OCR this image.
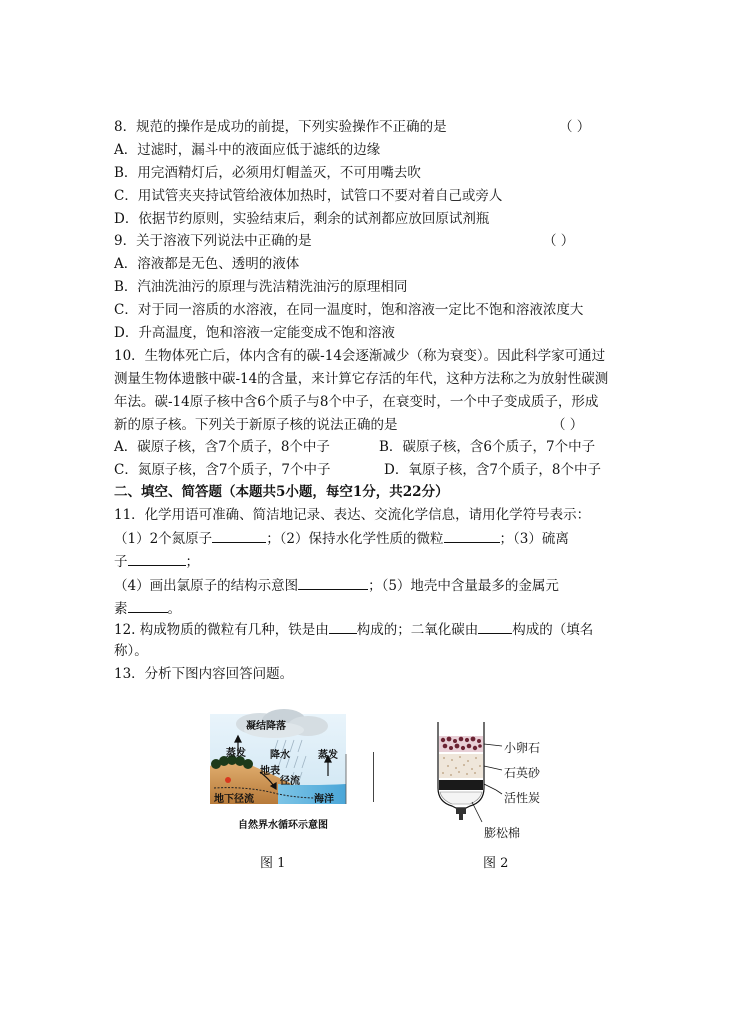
8．规范的操作是成功的前提，下列实验操作不正确的是	（ ）
A．过滤时，漏斗中的液面应低于滤纸的边缘
B．用完酒精灯后，必须用灯帽盖灭，不可用嘴去吹
C．用试管夹夹持试管给液体加热时，试管口不要对着自己或旁人
D．依据节约原则，实验结束后，剩余的试剂都应放回原试剂瓶
9．关于溶液下列说法中正确的是	（ ）
A．溶液都是无色、透明的液体
B．汽油洗油污的原理与洗洁精洗油污的原理相同
C．对于同一溶质的水溶液，在同一温度时，饱和溶液一定比不饱和溶液浓度大
D．升高温度，饱和溶液一定能变成不饱和溶液
10．生物体死亡后，体内含有的碳-14会逐渐减少（称为衰变）。因此科学家可通过
测量生物体遗骸中碳-14的含量，来计算它存活的年代，这种方法称之为放射性碳测
年法。碳-14原子核中含6个质子与8个中子，在衰变时，一个中子变成质子，形成
新的原子核。下列关于新原子核的说法正确的是	（ ）
A．碳原子核，含7个质子，8个中子	B．碳原子核，含6个质子，7个中子
C．氮原子核，含7个质子，7个中子	D．氧原子核，含7个质子，8个中子
二、填空、简答题（本题共5小题，每空1分，共22分）
11．化学用语可准确、简洁地记录、表达、交流化学信息，请用化学符号表示：
（1）2个氮原子	；（2）保持水化学性质的微粒	；（3）硫离
子	；
（4）画出氯原子的结构示意图	；（5）地壳中含量最多的金属元
素	。
12. 构成物质的微粒有几种，铁是由 构成的；二氧化碳由	构成的（填名
称）。
13．分析下图内容回答问题。
凝结降落
蒸发 降水	蒸发
地表
径流
地下径流	海洋
自然界水循环示意图
小卵石
石英砂
活性炭
膨松棉
图 1	图 2
